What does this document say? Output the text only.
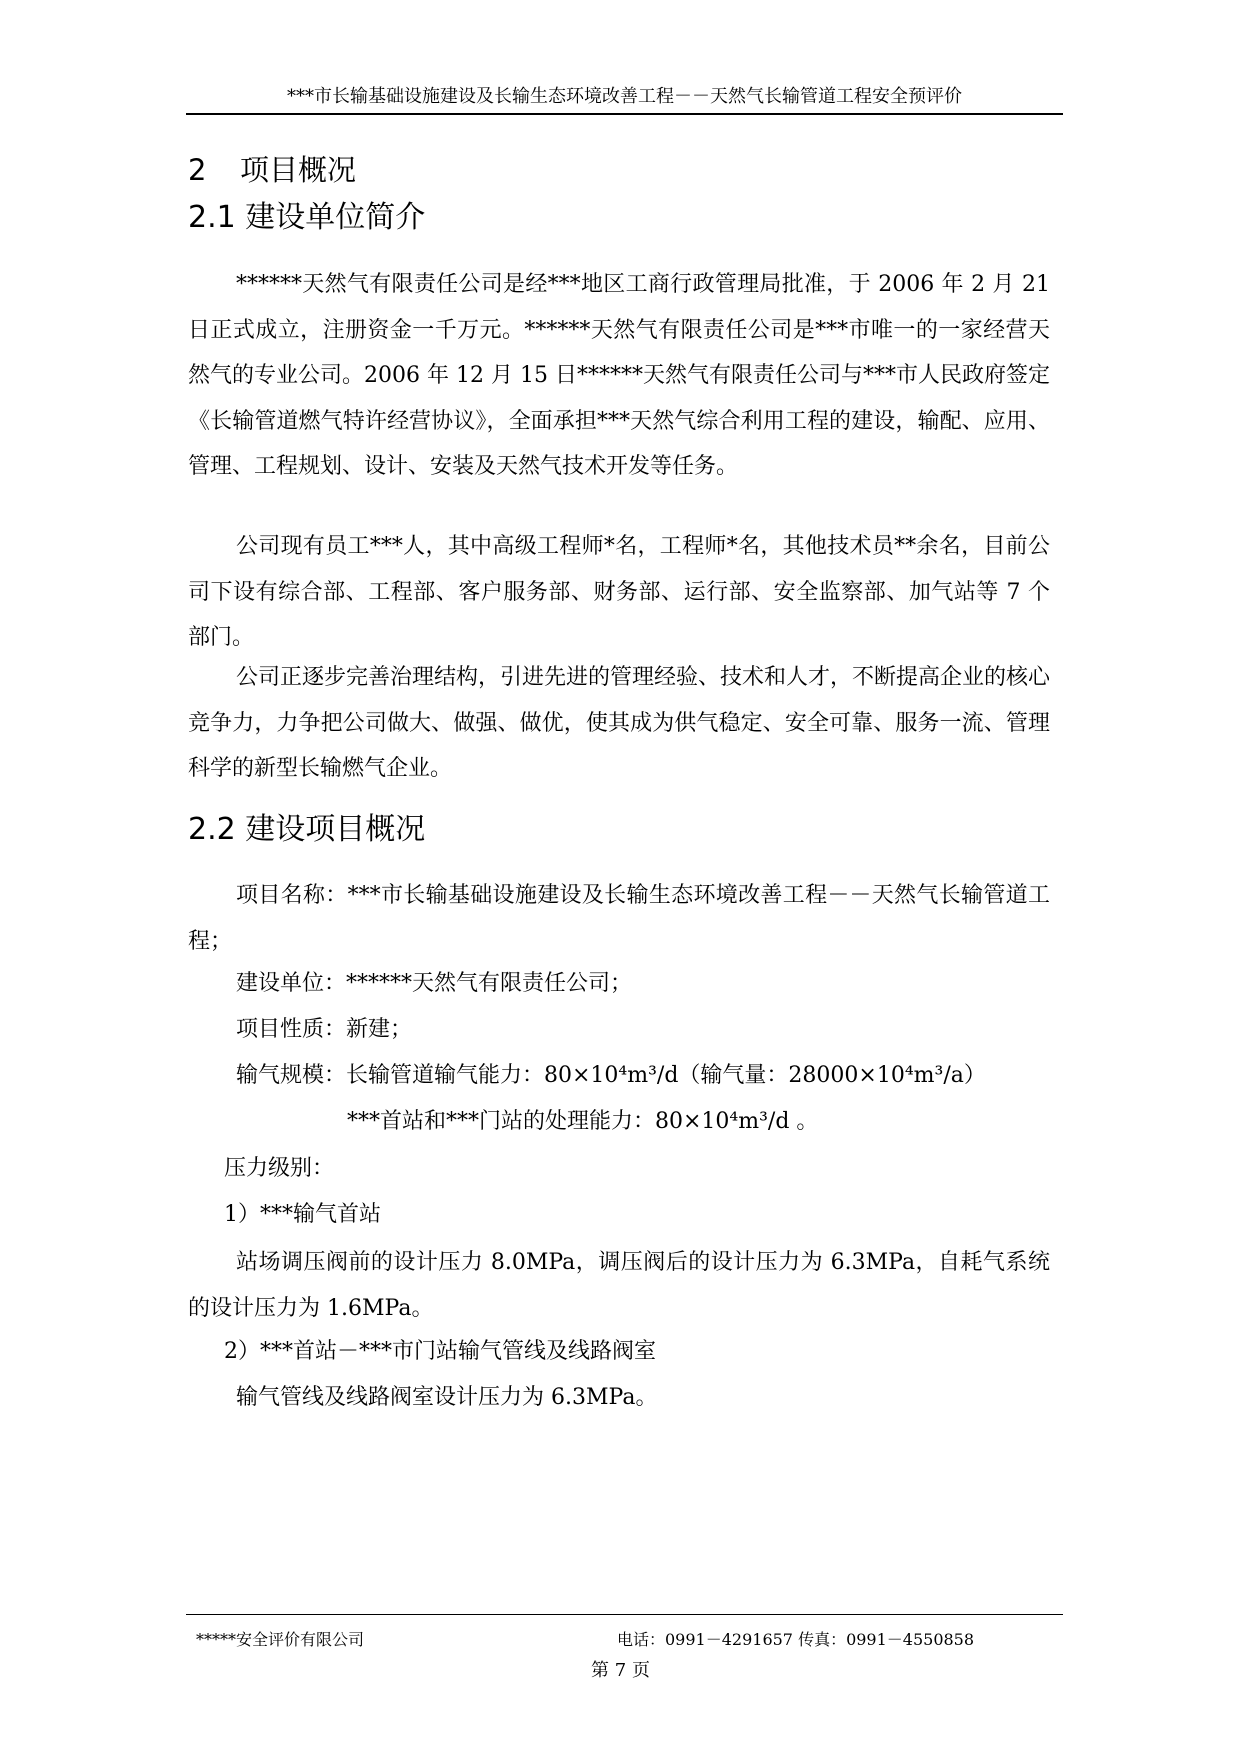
***市长输基础设施建设及长输生态环境改善工程－－天然气长输管道工程安全预评价
2 项目概况
2.1 建设单位简介
******天然气有限责任公司是经***地区工商行政管理局批准，于 2006 年 2 月 21 日正式成立，注册资金一千万元。******天然气有限责任公司是***市唯一的一家经营天然气的专业公司。2006 年 12 月 15 日******天然气有限责任公司与***市人民政府签定《长输管道燃气特许经营协议》，全面承担***天然气综合利用工程的建设，输配、应用、管理、工程规划、设计、安装及天然气技术开发等任务。
公司现有员工***人，其中高级工程师*名，工程师*名，其他技术员**余名，目前公司下设有综合部、工程部、客户服务部、财务部、运行部、安全监察部、加气站等 7 个部门。
公司正逐步完善治理结构，引进先进的管理经验、技术和人才，不断提高企业的核心竞争力，力争把公司做大、做强、做优，使其成为供气稳定、安全可靠、服务一流、管理科学的新型长输燃气企业。
2.2 建设项目概况
项目名称：***市长输基础设施建设及长输生态环境改善工程－－天然气长输管道工程；
建设单位：******天然气有限责任公司；
项目性质：新建；
输气规模：长输管道输气能力：80×10⁴m³/d（输气量：28000×10⁴m³/a）
***首站和***门站的处理能力：80×10⁴m³/d 。
压力级别：
1）***输气首站
站场调压阀前的设计压力 8.0MPa，调压阀后的设计压力为 6.3MPa，自耗气系统的设计压力为 1.6MPa。
2）***首站－***市门站输气管线及线路阀室
输气管线及线路阀室设计压力为 6.3MPa。
*****安全评价有限公司	电话：0991－4291657 传真：0991－4550858
第 7 页
